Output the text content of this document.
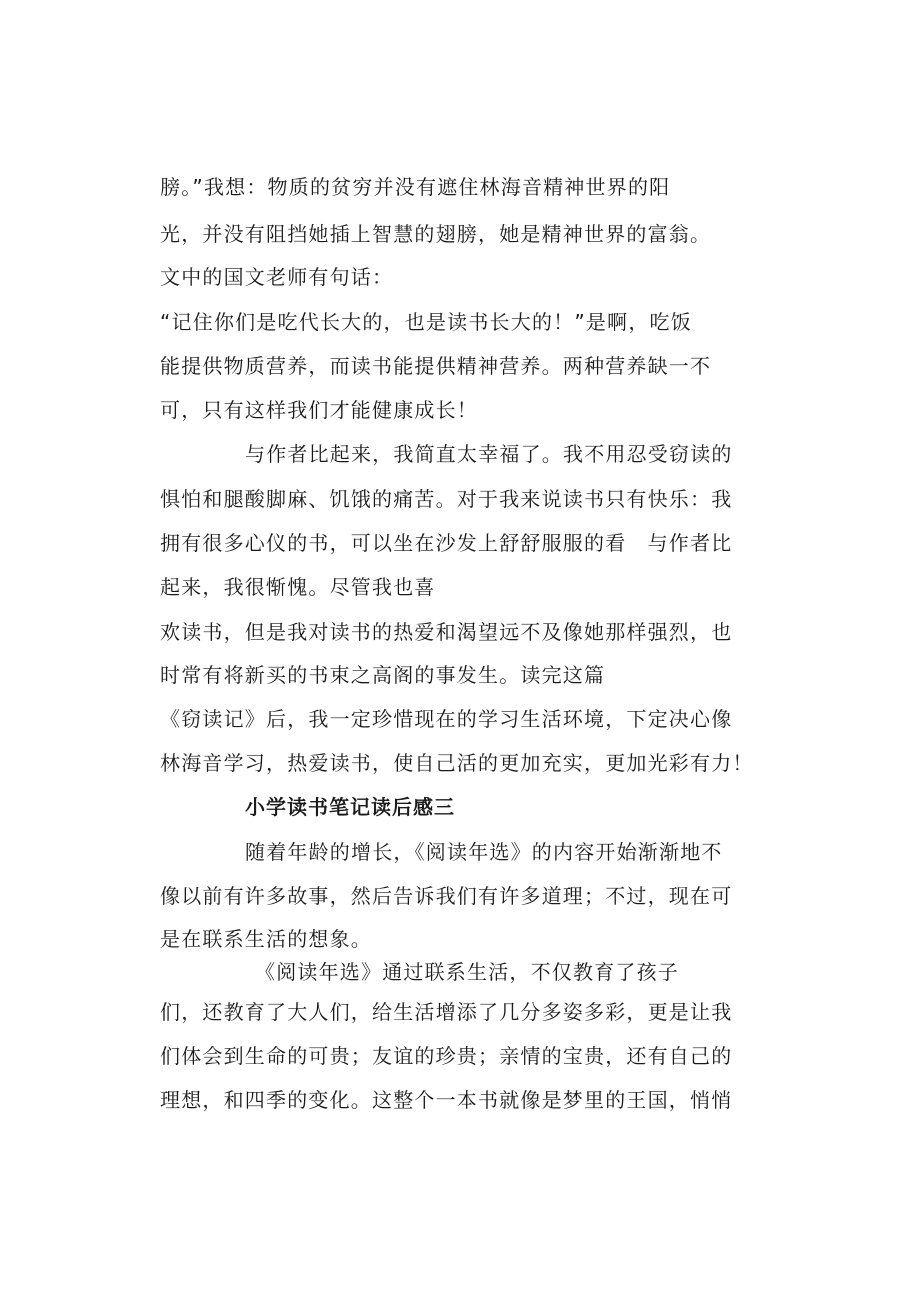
膀。”我想：物质的贫穷并没有遮住林海音精神世界的阳
光，并没有阻挡她插上智慧的翅膀，她是精神世界的富翁。
文中的国文老师有句话：
“记住你们是吃代长大的，也是读书长大的！”是啊，吃饭
能提供物质营养，而读书能提供精神营养。两种营养缺一不
可，只有这样我们才能健康成长！
与作者比起来，我简直太幸福了。我不用忍受窃读的
惧怕和腿酸脚麻、饥饿的痛苦。对于我来说读书只有快乐：我
拥有很多心仪的书，可以坐在沙发上舒舒服服的看　与作者比
起来，我很惭愧。尽管我也喜
欢读书，但是我对读书的热爱和渴望远不及像她那样强烈，也
时常有将新买的书束之高阁的事发生。读完这篇
《窃读记》后，我一定珍惜现在的学习生活环境，下定决心像
林海音学习，热爱读书，使自己活的更加充实，更加光彩有力！
小学读书笔记读后感三
随着年龄的增长，《阅读年选》的内容开始渐渐地不
像以前有许多故事，然后告诉我们有许多道理；不过，现在可
是在联系生活的想象。
《阅读年选》通过联系生活，不仅教育了孩子
们，还教育了大人们，给生活增添了几分多姿多彩，更是让我
们体会到生命的可贵；友谊的珍贵；亲情的宝贵，还有自己的
理想，和四季的变化。这整个一本书就像是梦里的王国，悄悄
